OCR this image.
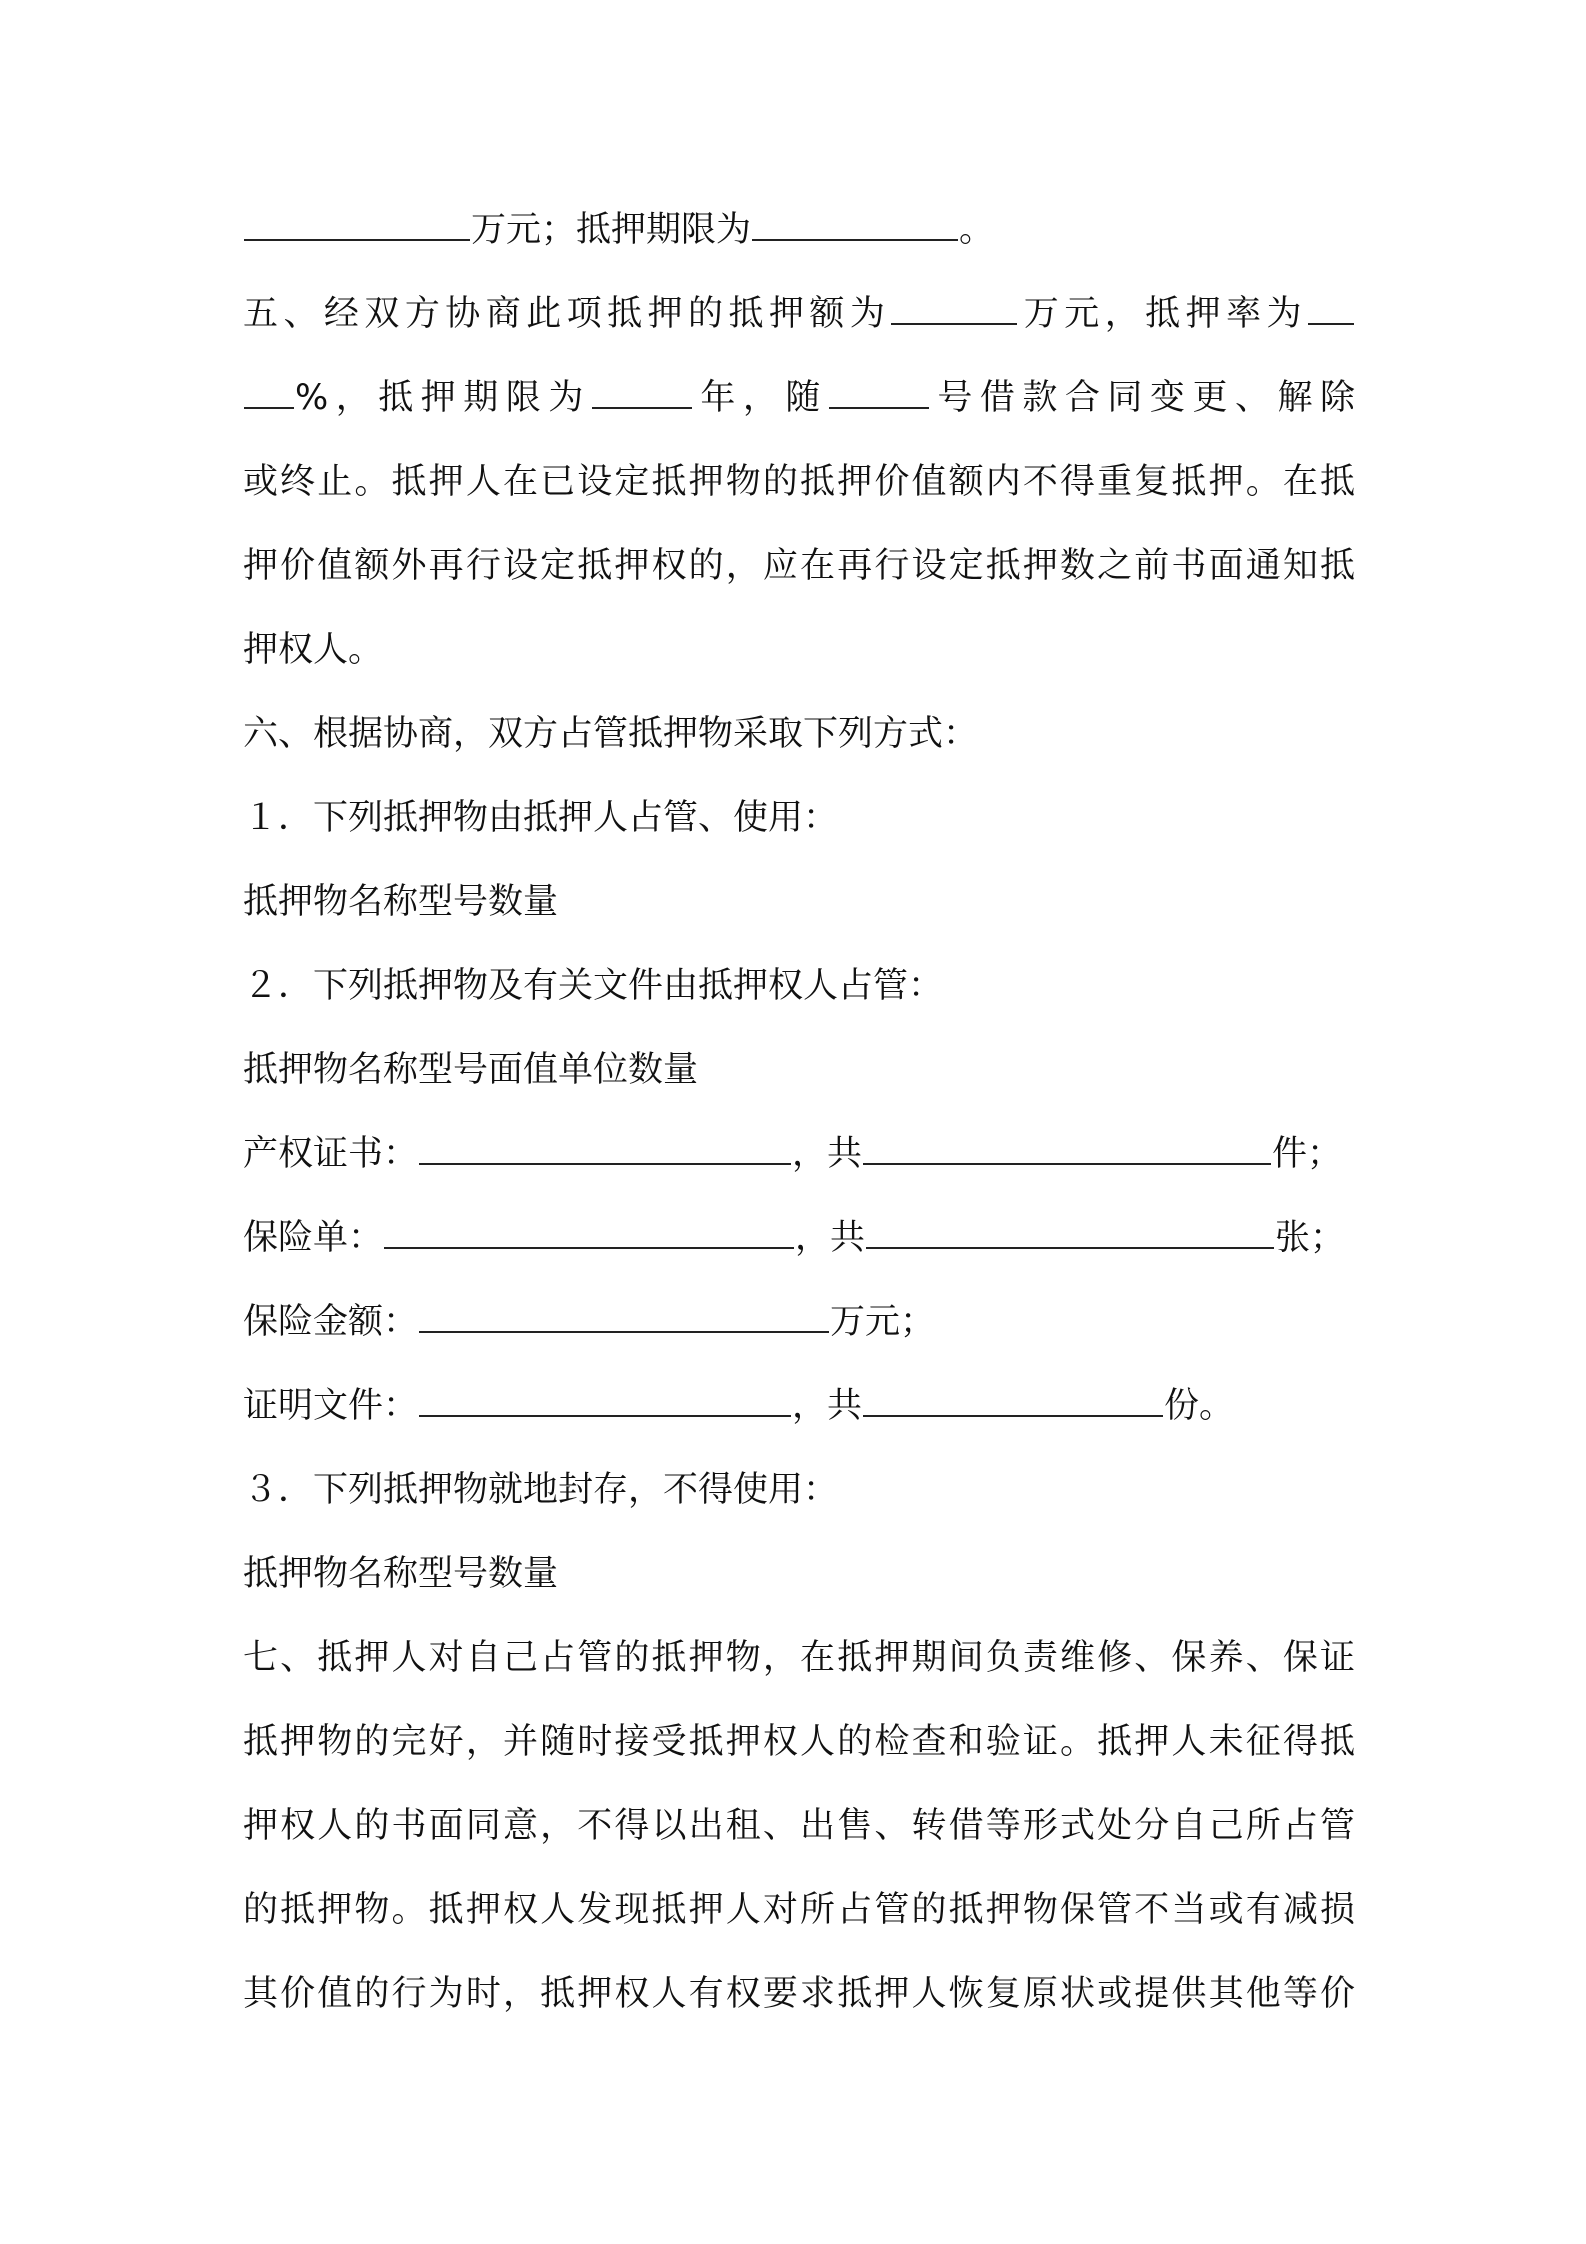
万元；抵押期限为	。
五、经双方协商此项抵押的抵押额为	万元，抵押率为
%，抵押期限为	年，随	号借款合同变更、解除
或终止。抵押人在已设定抵押物的抵押价值额内不得重复抵押。在抵
押价值额外再行设定抵押权的，应在再行设定抵押数之前书面通知抵
押权人。
六、根据协商，双方占管抵押物采取下列方式：
１．下列抵押物由抵押人占管、使用：
抵押物名称型号数量
２．下列抵押物及有关文件由抵押权人占管：
抵押物名称型号面值单位数量
产权证书：	，共	件；
保险单：	，共	张；
保险金额：	万元；
证明文件：	，共	份。
３．下列抵押物就地封存，不得使用：
抵押物名称型号数量
七、抵押人对自己占管的抵押物，在抵押期间负责维修、保养、保证
抵押物的完好，并随时接受抵押权人的检查和验证。抵押人未征得抵
押权人的书面同意，不得以出租、出售、转借等形式处分自己所占管
的抵押物。抵押权人发现抵押人对所占管的抵押物保管不当或有减损
其价值的行为时，抵押权人有权要求抵押人恢复原状或提供其他等价
